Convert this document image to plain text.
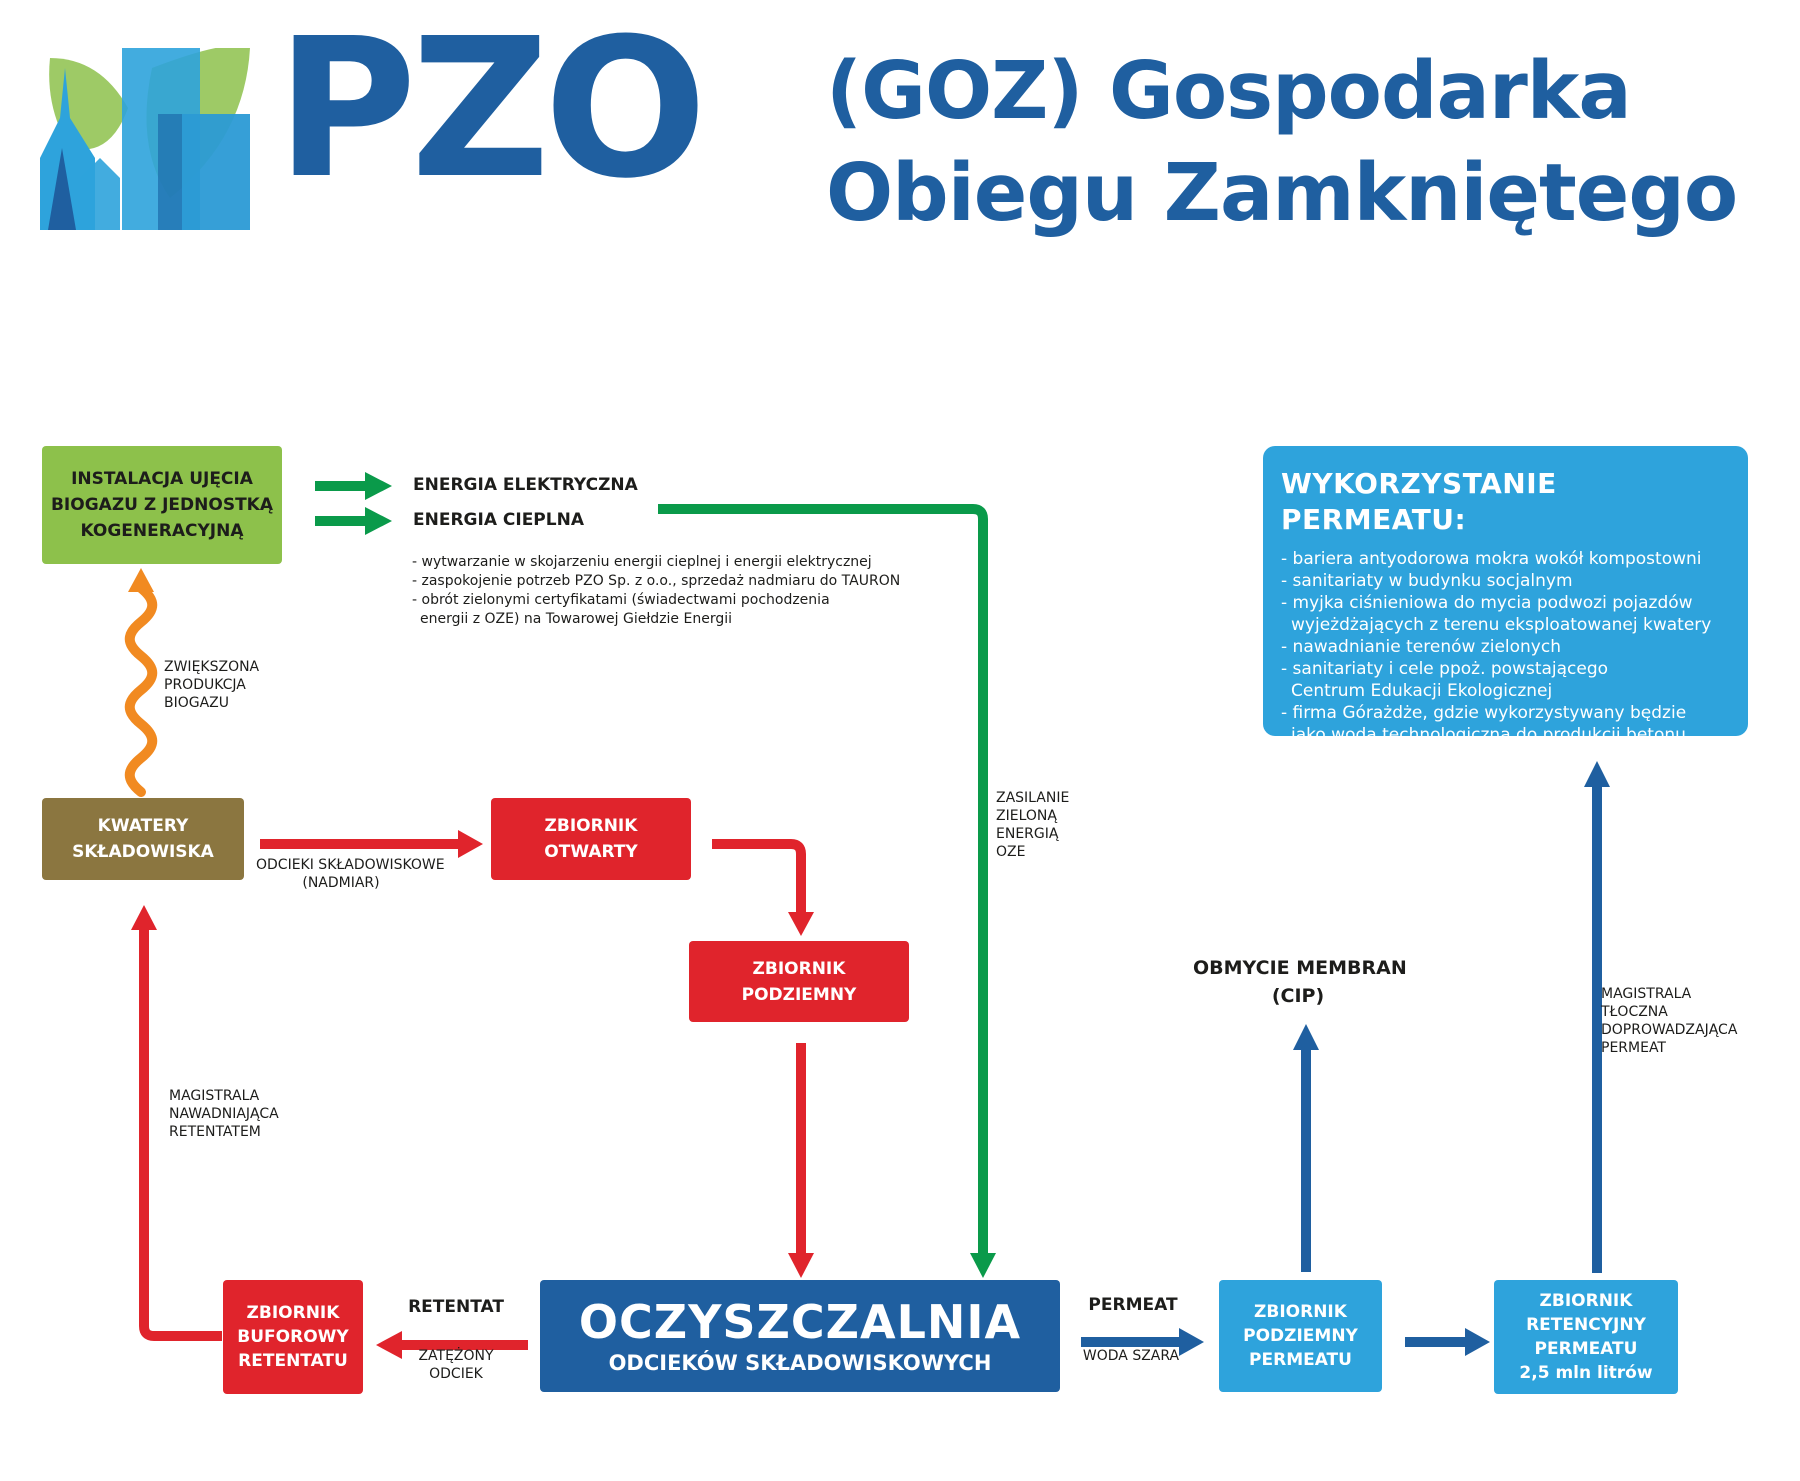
PZO (GOZ) Gospodarka
Obiegu Zamkniętego
INSTALACJA UJĘCIA
BIOGAZU Z JEDNOSTKĄ
KOGENERACYJNĄ
KWATERY
SKŁADOWISKA
ZBIORNIK
OTWARTY
ZBIORNIK
PODZIEMNY
ZBIORNIK
BUFOROWY
RETENTATU
OCZYSZCZALNIA
ODCIEKÓW SKŁADOWISKOWYCH
ZBIORNIK
PODZIEMNY
PERMEATU
ZBIORNIK
RETENCYJNY
PERMEATU
2,5 mln litrów
WYKORZYSTANIE PERMEATU:
- bariera antyodorowa mokra wokół kompostowni
- sanitariaty w budynku socjalnym
- myjka ciśnieniowa do mycia podwozi pojazdów
wyjeżdżających z terenu eksploatowanej kwatery
- nawadnianie terenów zielonych
- sanitariaty i cele ppoż. powstającego
Centrum Edukacji Ekologicznej
- firma Górażdże, gdzie wykorzystywany będzie
jako woda technologiczna do produkcji betonu
ENERGIA ELEKTRYCZNA
ENERGIA CIEPLNA
- wytwarzanie w skojarzeniu energii cieplnej i energii elektrycznej
- zaspokojenie potrzeb PZO Sp. z o.o., sprzedaż nadmiaru do TAURON
- obrót zielonymi certyfikatami (świadectwami pochodzenia
energii z OZE) na Towarowej Giełdzie Energii
ZWIĘKSZONA
PRODUKCJA
BIOGAZU
ODCIEKI SKŁADOWISKOWE
(NADMIAR)
ZASILANIE
ZIELONĄ
ENERGIĄ
OZE
OBMYCIE MEMBRAN
(CIP)	MAGISTRALA
TŁOCZNA
DOPROWADZAJĄCA
PERMEAT
MAGISTRALA
NAWADNIAJĄCA
RETENTATEM
RETENTAT
ZATĘŻONY
ODCIEK
PERMEAT
WODA SZARA
